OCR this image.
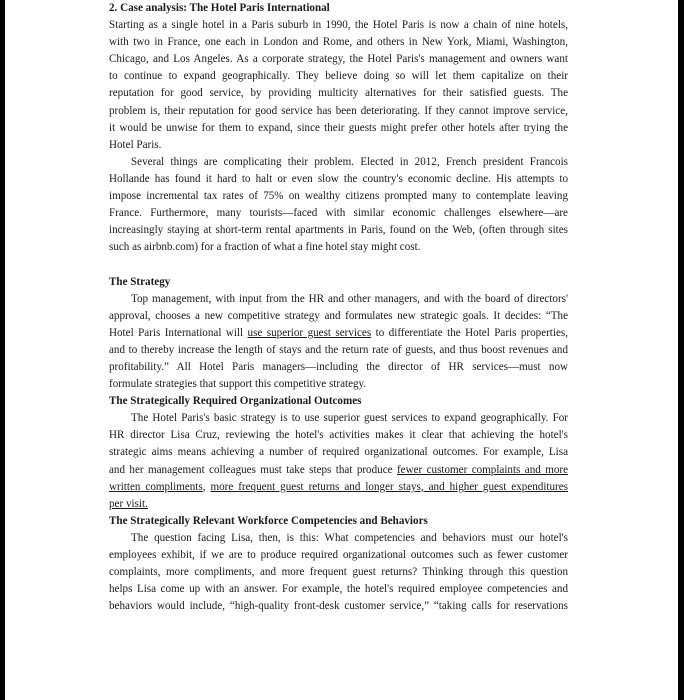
2. Case analysis: The Hotel Paris International
Starting as a single hotel in a Paris suburb in 1990, the Hotel Paris is now a chain of nine hotels,
with two in France, one each in London and Rome, and others in New York, Miami, Washington,
Chicago, and Los Angeles. As a corporate strategy, the Hotel Paris's management and owners want
to continue to expand geographically. They believe doing so will let them capitalize on their
reputation for good service, by providing multicity alternatives for their satisfied guests. The
problem is, their reputation for good service has been deteriorating. If they cannot improve service,
it would be unwise for them to expand, since their guests might prefer other hotels after trying the
Hotel Paris.
Several things are complicating their problem. Elected in 2012, French president Francois
Hollande has found it hard to halt or even slow the country's economic decline. His attempts to
impose incremental tax rates of 75% on wealthy citizens prompted many to contemplate leaving
France. Furthermore, many tourists—faced with similar economic challenges elsewhere—are
increasingly staying at short-term rental apartments in Paris, found on the Web, (often through sites
such as airbnb.com) for a fraction of what a fine hotel stay might cost.
The Strategy
Top management, with input from the HR and other managers, and with the board of directors'
approval, chooses a new competitive strategy and formulates new strategic goals. It decides: “The
Hotel Paris International will use superior guest services to differentiate the Hotel Paris properties,
and to thereby increase the length of stays and the return rate of guests, and thus boost revenues and
profitability.” All Hotel Paris managers—including the director of HR services—must now
formulate strategies that support this competitive strategy.
The Strategically Required Organizational Outcomes
The Hotel Paris's basic strategy is to use superior guest services to expand geographically. For
HR director Lisa Cruz, reviewing the hotel's activities makes it clear that achieving the hotel's
strategic aims means achieving a number of required organizational outcomes. For example, Lisa
and her management colleagues must take steps that produce fewer customer complaints and more
written compliments, more frequent guest returns and longer stays, and higher guest expenditures
per visit.
The Strategically Relevant Workforce Competencies and Behaviors
The question facing Lisa, then, is this: What competencies and behaviors must our hotel's
employees exhibit, if we are to produce required organizational outcomes such as fewer customer
complaints, more compliments, and more frequent guest returns? Thinking through this question
helps Lisa come up with an answer. For example, the hotel's required employee competencies and
behaviors would include, “high-quality front-desk customer service,” “taking calls for reservations
